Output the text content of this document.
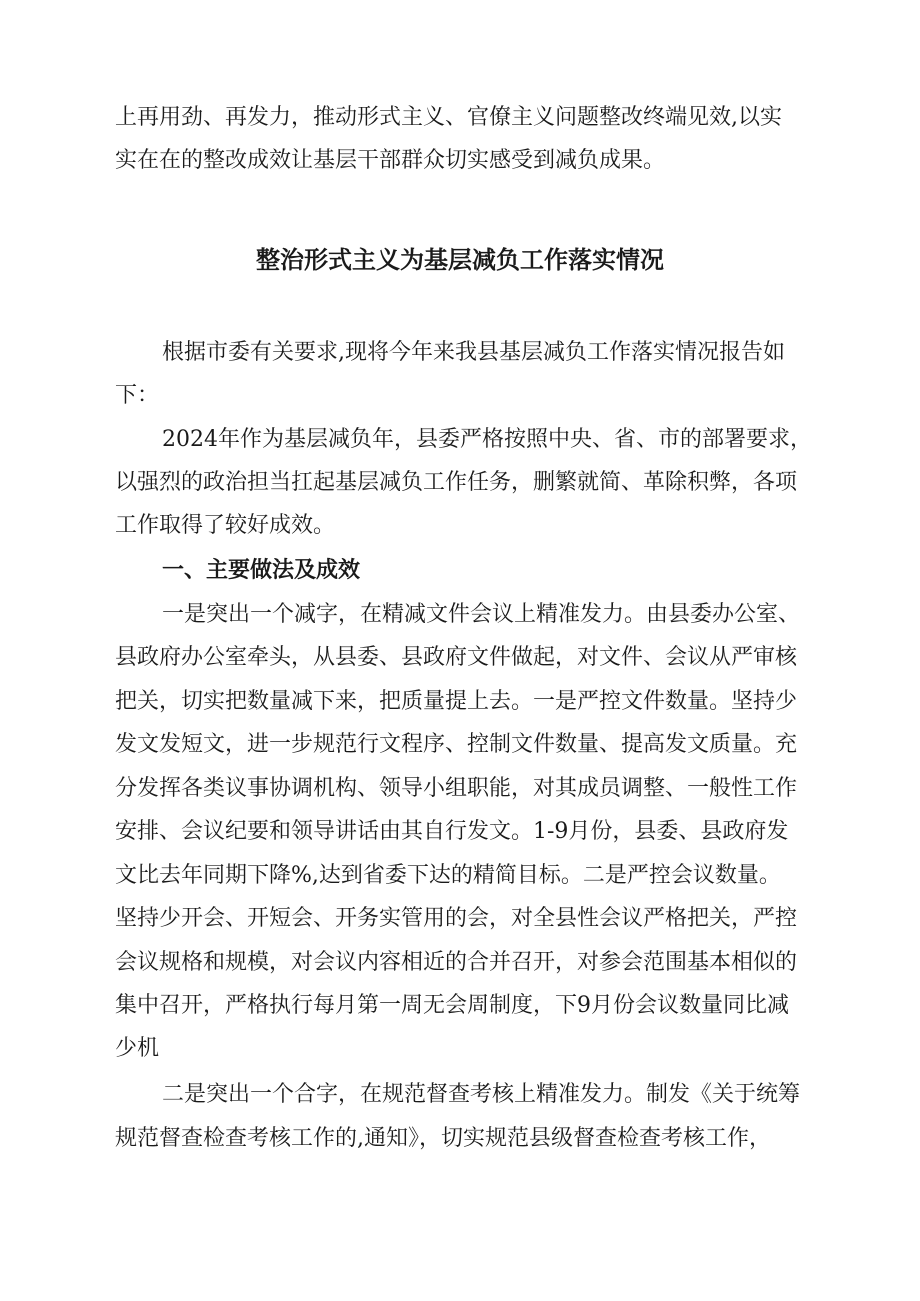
上再用劲、再发力，推动形式主义、官僚主义问题整改终端见效,以实
实在在的整改成效让基层干部群众切实感受到减负成果。
整治形式主义为基层减负工作落实情况
根据市委有关要求,现将今年来我县基层减负工作落实情况报告如
下：
2024年作为基层减负年，县委严格按照中央、省、市的部署要求，
以强烈的政治担当扛起基层减负工作任务，删繁就简、革除积弊，各项
工作取得了较好成效。
一、主要做法及成效
一是突出一个减字，在精减文件会议上精准发力。由县委办公室、
县政府办公室牵头，从县委、县政府文件做起，对文件、会议从严审核
把关，切实把数量减下来，把质量提上去。一是严控文件数量。坚持少
发文发短文，进一步规范行文程序、控制文件数量、提高发文质量。充
分发挥各类议事协调机构、领导小组职能，对其成员调整、一般性工作
安排、会议纪要和领导讲话由其自行发文。1-9月份，县委、县政府发
文比去年同期下降%,达到省委下达的精简目标。二是严控会议数量。
坚持少开会、开短会、开务实管用的会，对全县性会议严格把关，严控
会议规格和规模，对会议内容相近的合并召开，对参会范围基本相似的
集中召开，严格执行每月第一周无会周制度，下9月份会议数量同比减
少机
二是突出一个合字，在规范督查考核上精准发力。制发《关于统筹
规范督查检查考核工作的,通知》，切实规范县级督查检查考核工作，
